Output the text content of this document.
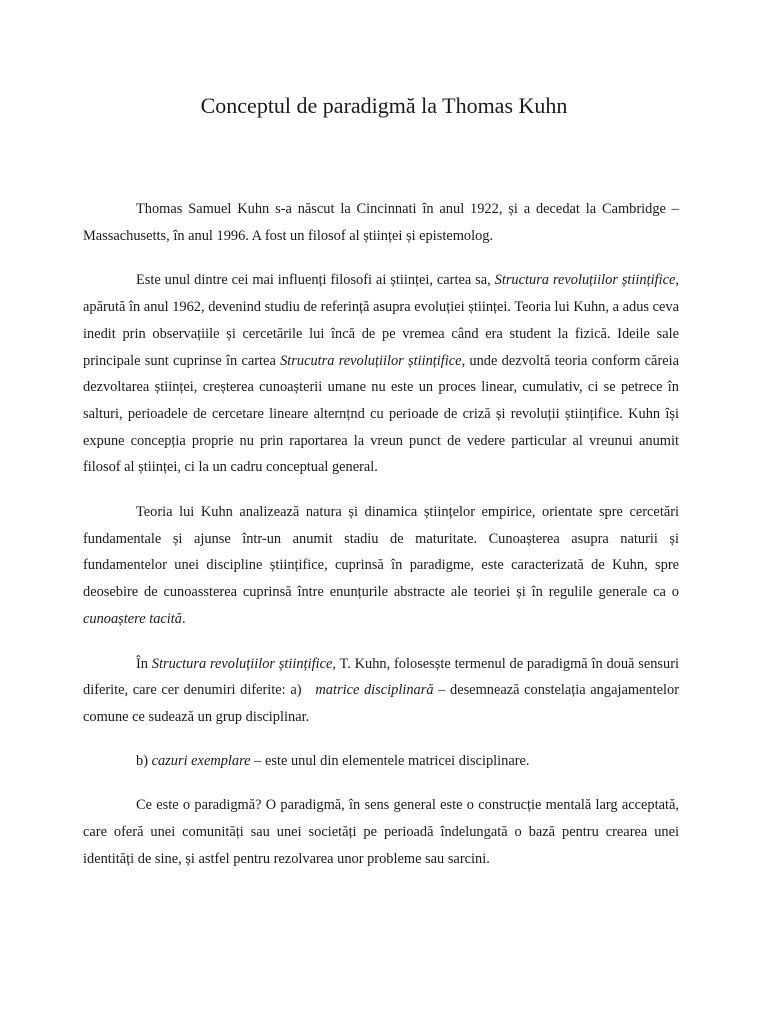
Conceptul de paradigmă la Thomas Kuhn

Thomas Samuel Kuhn s-a născut la Cincinnati în anul 1922, și a decedat la Cambridge – Massachusetts, în anul 1996. A fost un filosof al științei și epistemolog.

Este unul dintre cei mai influenți filosofi ai științei, cartea sa, Structura revoluțiilor științifice, apărută în anul 1962, devenind studiu de referință asupra evoluției științei. Teoria lui Kuhn, a adus ceva inedit prin observațiile și cercetările lui încă de pe vremea când era student la fizică. Ideile sale principale sunt cuprinse în cartea Strucutra revoluțiilor științifice, unde dezvoltă teoria conform căreia dezvoltarea științei, creșterea cunoașterii umane nu este un proces linear, cumulativ, ci se petrece în salturi, perioadele de cercetare lineare alternțnd cu perioade de criză și revoluții științifice. Kuhn își expune concepția proprie nu prin raportarea la vreun punct de vedere particular al vreunui anumit filosof al științei, ci la un cadru conceptual general.

Teoria lui Kuhn analizează natura și dinamica științelor empirice, orientate spre cercetări fundamentale și ajunse într-un anumit stadiu de maturitate. Cunoașterea asupra naturii și fundamentelor unei discipline științifice, cuprinsă în paradigme, este caracterizată de Kuhn, spre deosebire de cunoassterea cuprinsă între enunțurile abstracte ale teoriei și în regulile generale ca o cunoaștere tacită.

În Structura revoluțiilor științifice, T. Kuhn, folosesște termenul de paradigmă în două sensuri diferite, care cer denumiri diferite: a)   matrice disciplinară – desemnează constelația angajamentelor comune ce sudează un grup disciplinar.

b) cazuri exemplare – este unul din elementele matricei disciplinare.

Ce este o paradigmă? O paradigmă, în sens general este o construcție mentală larg acceptată, care oferă unei comunități sau unei societăți pe perioadă îndelungată o bază pentru crearea unei identități de sine, și astfel pentru rezolvarea unor probleme sau sarcini.
